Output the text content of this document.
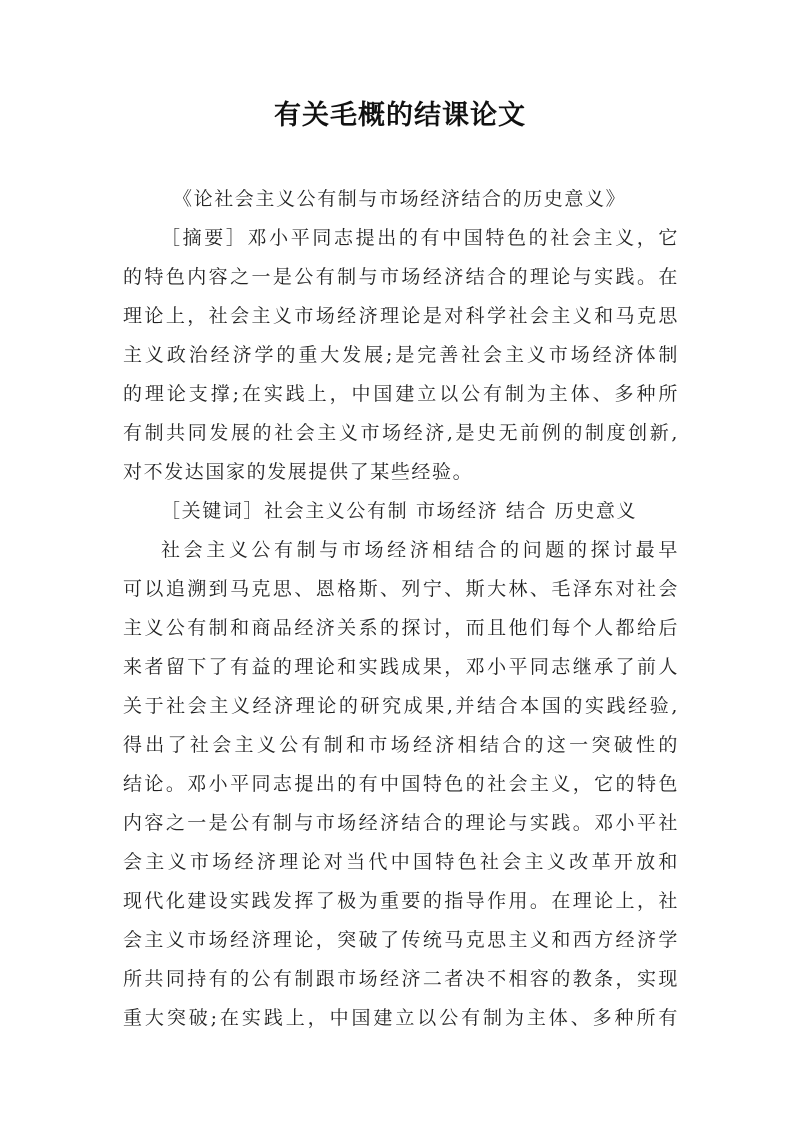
有关毛概的结课论文
《论社会主义公有制与市场经济结合的历史意义》
［摘要］邓小平同志提出的有中国特色的社会主义，它
的特色内容之一是公有制与市场经济结合的理论与实践。在
理论上，社会主义市场经济理论是对科学社会主义和马克思
主义政治经济学的重大发展;是完善社会主义市场经济体制
的理论支撑;在实践上，中国建立以公有制为主体、多种所
有制共同发展的社会主义市场经济,是史无前例的制度创新,
对不发达国家的发展提供了某些经验。
［关键词］社会主义公有制 市场经济 结合 历史意义
社会主义公有制与市场经济相结合的问题的探讨最早
可以追溯到马克思、恩格斯、列宁、斯大林、毛泽东对社会
主义公有制和商品经济关系的探讨，而且他们每个人都给后
来者留下了有益的理论和实践成果，邓小平同志继承了前人
关于社会主义经济理论的研究成果,并结合本国的实践经验,
得出了社会主义公有制和市场经济相结合的这一突破性的
结论。邓小平同志提出的有中国特色的社会主义，它的特色
内容之一是公有制与市场经济结合的理论与实践。邓小平社
会主义市场经济理论对当代中国特色社会主义改革开放和
现代化建设实践发挥了极为重要的指导作用。在理论上，社
会主义市场经济理论，突破了传统马克思主义和西方经济学
所共同持有的公有制跟市场经济二者决不相容的教条，实现
重大突破;在实践上，中国建立以公有制为主体、多种所有
